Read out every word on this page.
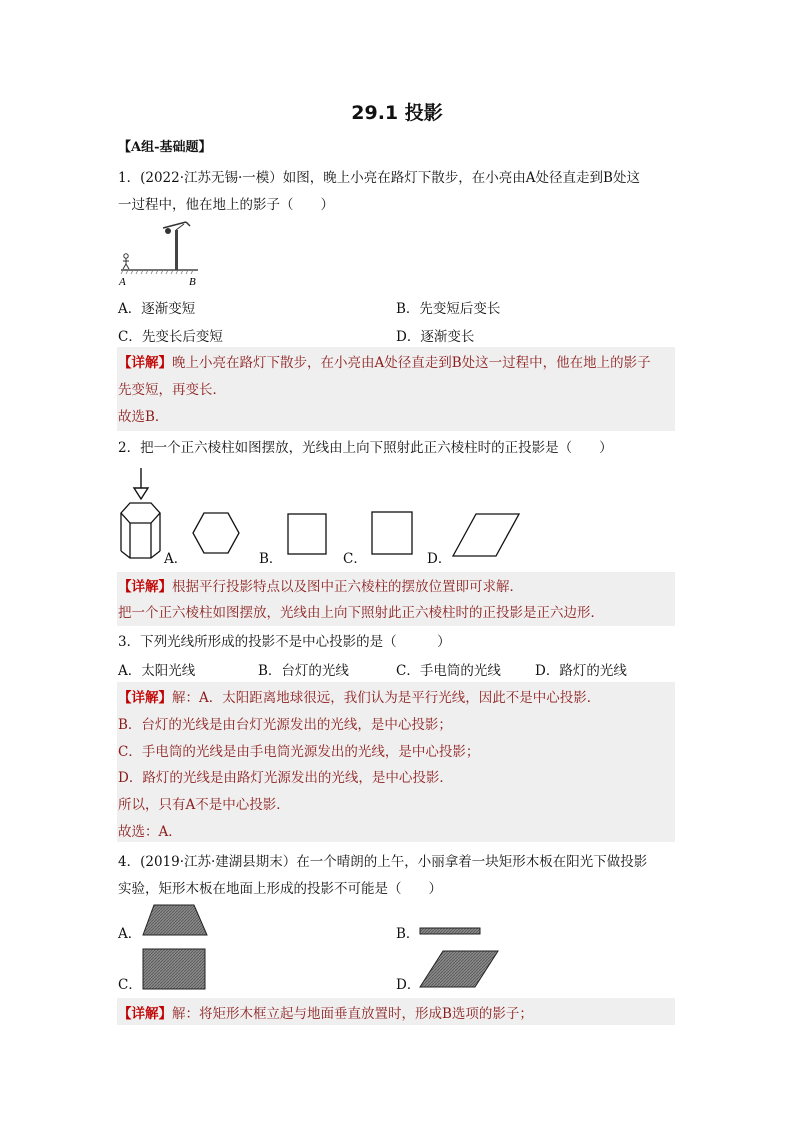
29.1 投影
【A组-基础题】
1．(2022·江苏无锡·一模）如图，晚上小亮在路灯下散步，在小亮由A处径直走到B处这
一过程中，他在地上的影子（　　）
A	B
A．逐渐变短	B．先变短后变长
C．先变长后变短	D．逐渐变长
【详解】晚上小亮在路灯下散步，在小亮由A处径直走到B处这一过程中，他在地上的影子
先变短，再变长．
故选B．
2．把一个正六棱柱如图摆放，光线由上向下照射此正六棱柱时的正投影是（　　）
A．	B．	C．	D．
【详解】根据平行投影特点以及图中正六棱柱的摆放位置即可求解．
把一个正六棱柱如图摆放，光线由上向下照射此正六棱柱时的正投影是正六边形．
3．下列光线所形成的投影不是中心投影的是（　　　）
A．太阳光线	B．台灯的光线	C．手电筒的光线	D．路灯的光线
【详解】解：A．太阳距离地球很远，我们认为是平行光线，因此不是中心投影．
B．台灯的光线是由台灯光源发出的光线，是中心投影；
C．手电筒的光线是由手电筒光源发出的光线，是中心投影；
D．路灯的光线是由路灯光源发出的光线，是中心投影．
所以，只有A不是中心投影．
故选：A．
4．(2019·江苏·建湖县期末）在一个晴朗的上午，小丽拿着一块矩形木板在阳光下做投影
实验，矩形木板在地面上形成的投影不可能是（　　）
A．	B．
C．	D．
【详解】解：将矩形木框立起与地面垂直放置时，形成B选项的影子；
